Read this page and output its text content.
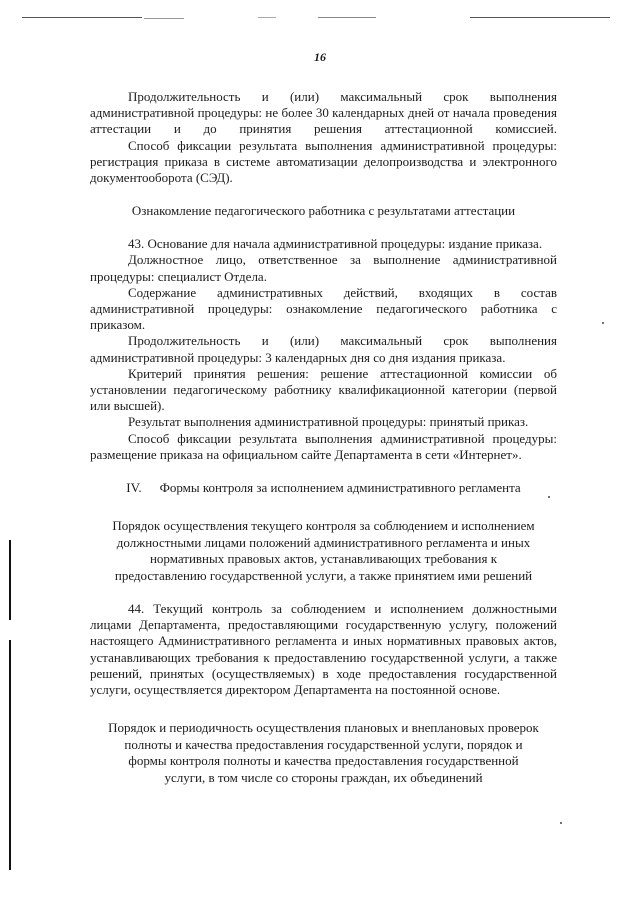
16

Продолжительность и (или) максимальный срок выполнения административной процедуры: не более 30 календарных дней от начала проведения аттестации и до принятия решения аттестационной комиссией.

Способ фиксации результата выполнения административной процедуры: регистрация приказа в системе автоматизации делопроизводства и электронного документооборота (СЭД).

Ознакомление педагогического работника с результатами аттестации

43. Основание для начала административной процедуры: издание приказа.

Должностное лицо, ответственное за выполнение административной процедуры: специалист Отдела.

Содержание административных действий, входящих в состав административной процедуры: ознакомление педагогического работника с приказом.

Продолжительность и (или) максимальный срок выполнения административной процедуры: 3 календарных дня со дня издания приказа.

Критерий принятия решения: решение аттестационной комиссии об установлении педагогическому работнику квалификационной категории (первой или высшей).

Результат выполнения административной процедуры: принятый приказ.

Способ фиксации результата выполнения административной процедуры: размещение приказа на официальном сайте Департамента в сети «Интернет».

IV. Формы контроля за исполнением административного регламента
Порядок осуществления текущего контроля за соблюдением и исполнением
должностными лицами положений административного регламента и иных
нормативных правовых актов, устанавливающих требования к
предоставлению государственной услуги, а также принятием ими решений

44. Текущий контроль за соблюдением и исполнением должностными лицами Департамента, предоставляющими государственную услугу, положений настоящего Административного регламента и иных нормативных правовых актов, устанавливающих требования к предоставлению государственной услуги, а также решений, принятых (осуществляемых) в ходе предоставления государственной услуги, осуществляется директором Департамента на постоянной основе.

Порядок и периодичность осуществления плановых и внеплановых проверок
полноты и качества предоставления государственной услуги, порядок и
формы контроля полноты и качества предоставления государственной
услуги, в том числе со стороны граждан, их объединений
